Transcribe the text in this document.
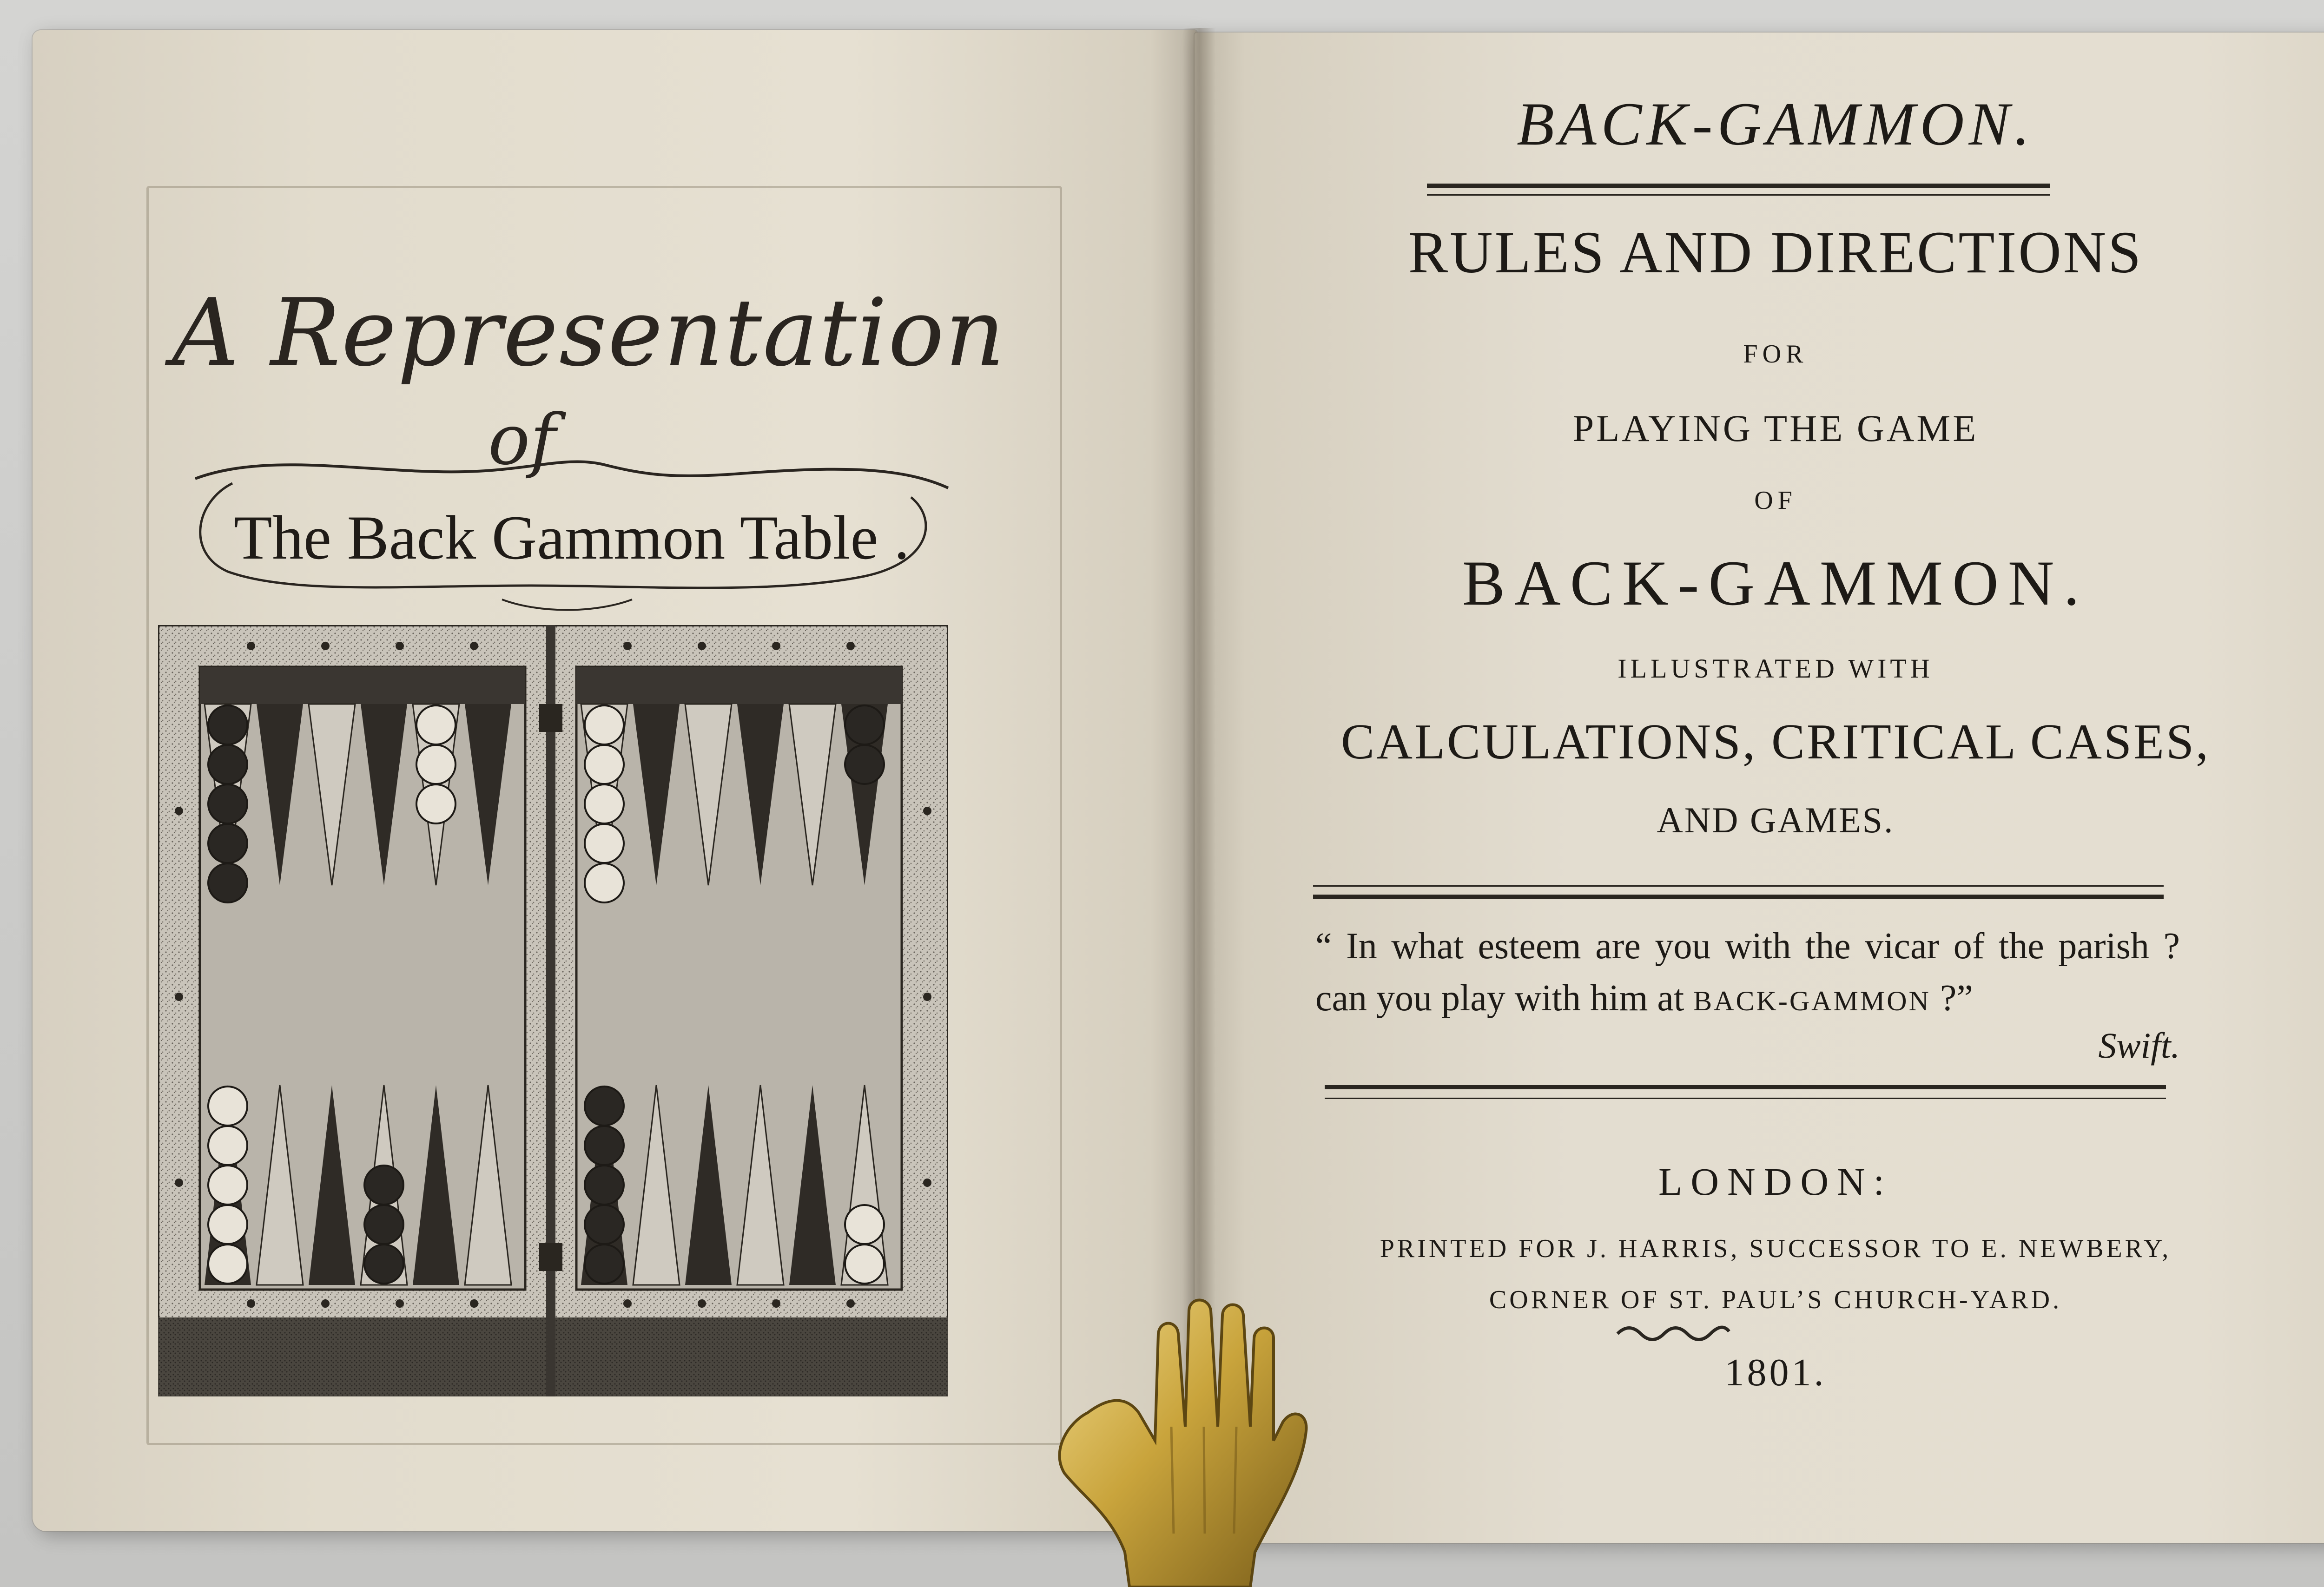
A Representation
of
The Back Gammon Table .
BACK-GAMMON.
RULES AND DIRECTIONS
FOR
PLAYING THE GAME
OF
BACK-GAMMON.
ILLUSTRATED WITH
CALCULATIONS, CRITICAL CASES,
AND GAMES.
“ In what esteem are you with the vicar of the parish ? can you play with him at BACK-GAMMON ?”
Swift.
LONDON:
PRINTED FOR J. HARRIS, SUCCESSOR TO E. NEWBERY,
CORNER OF ST. PAUL’S CHURCH-YARD.
1801.
